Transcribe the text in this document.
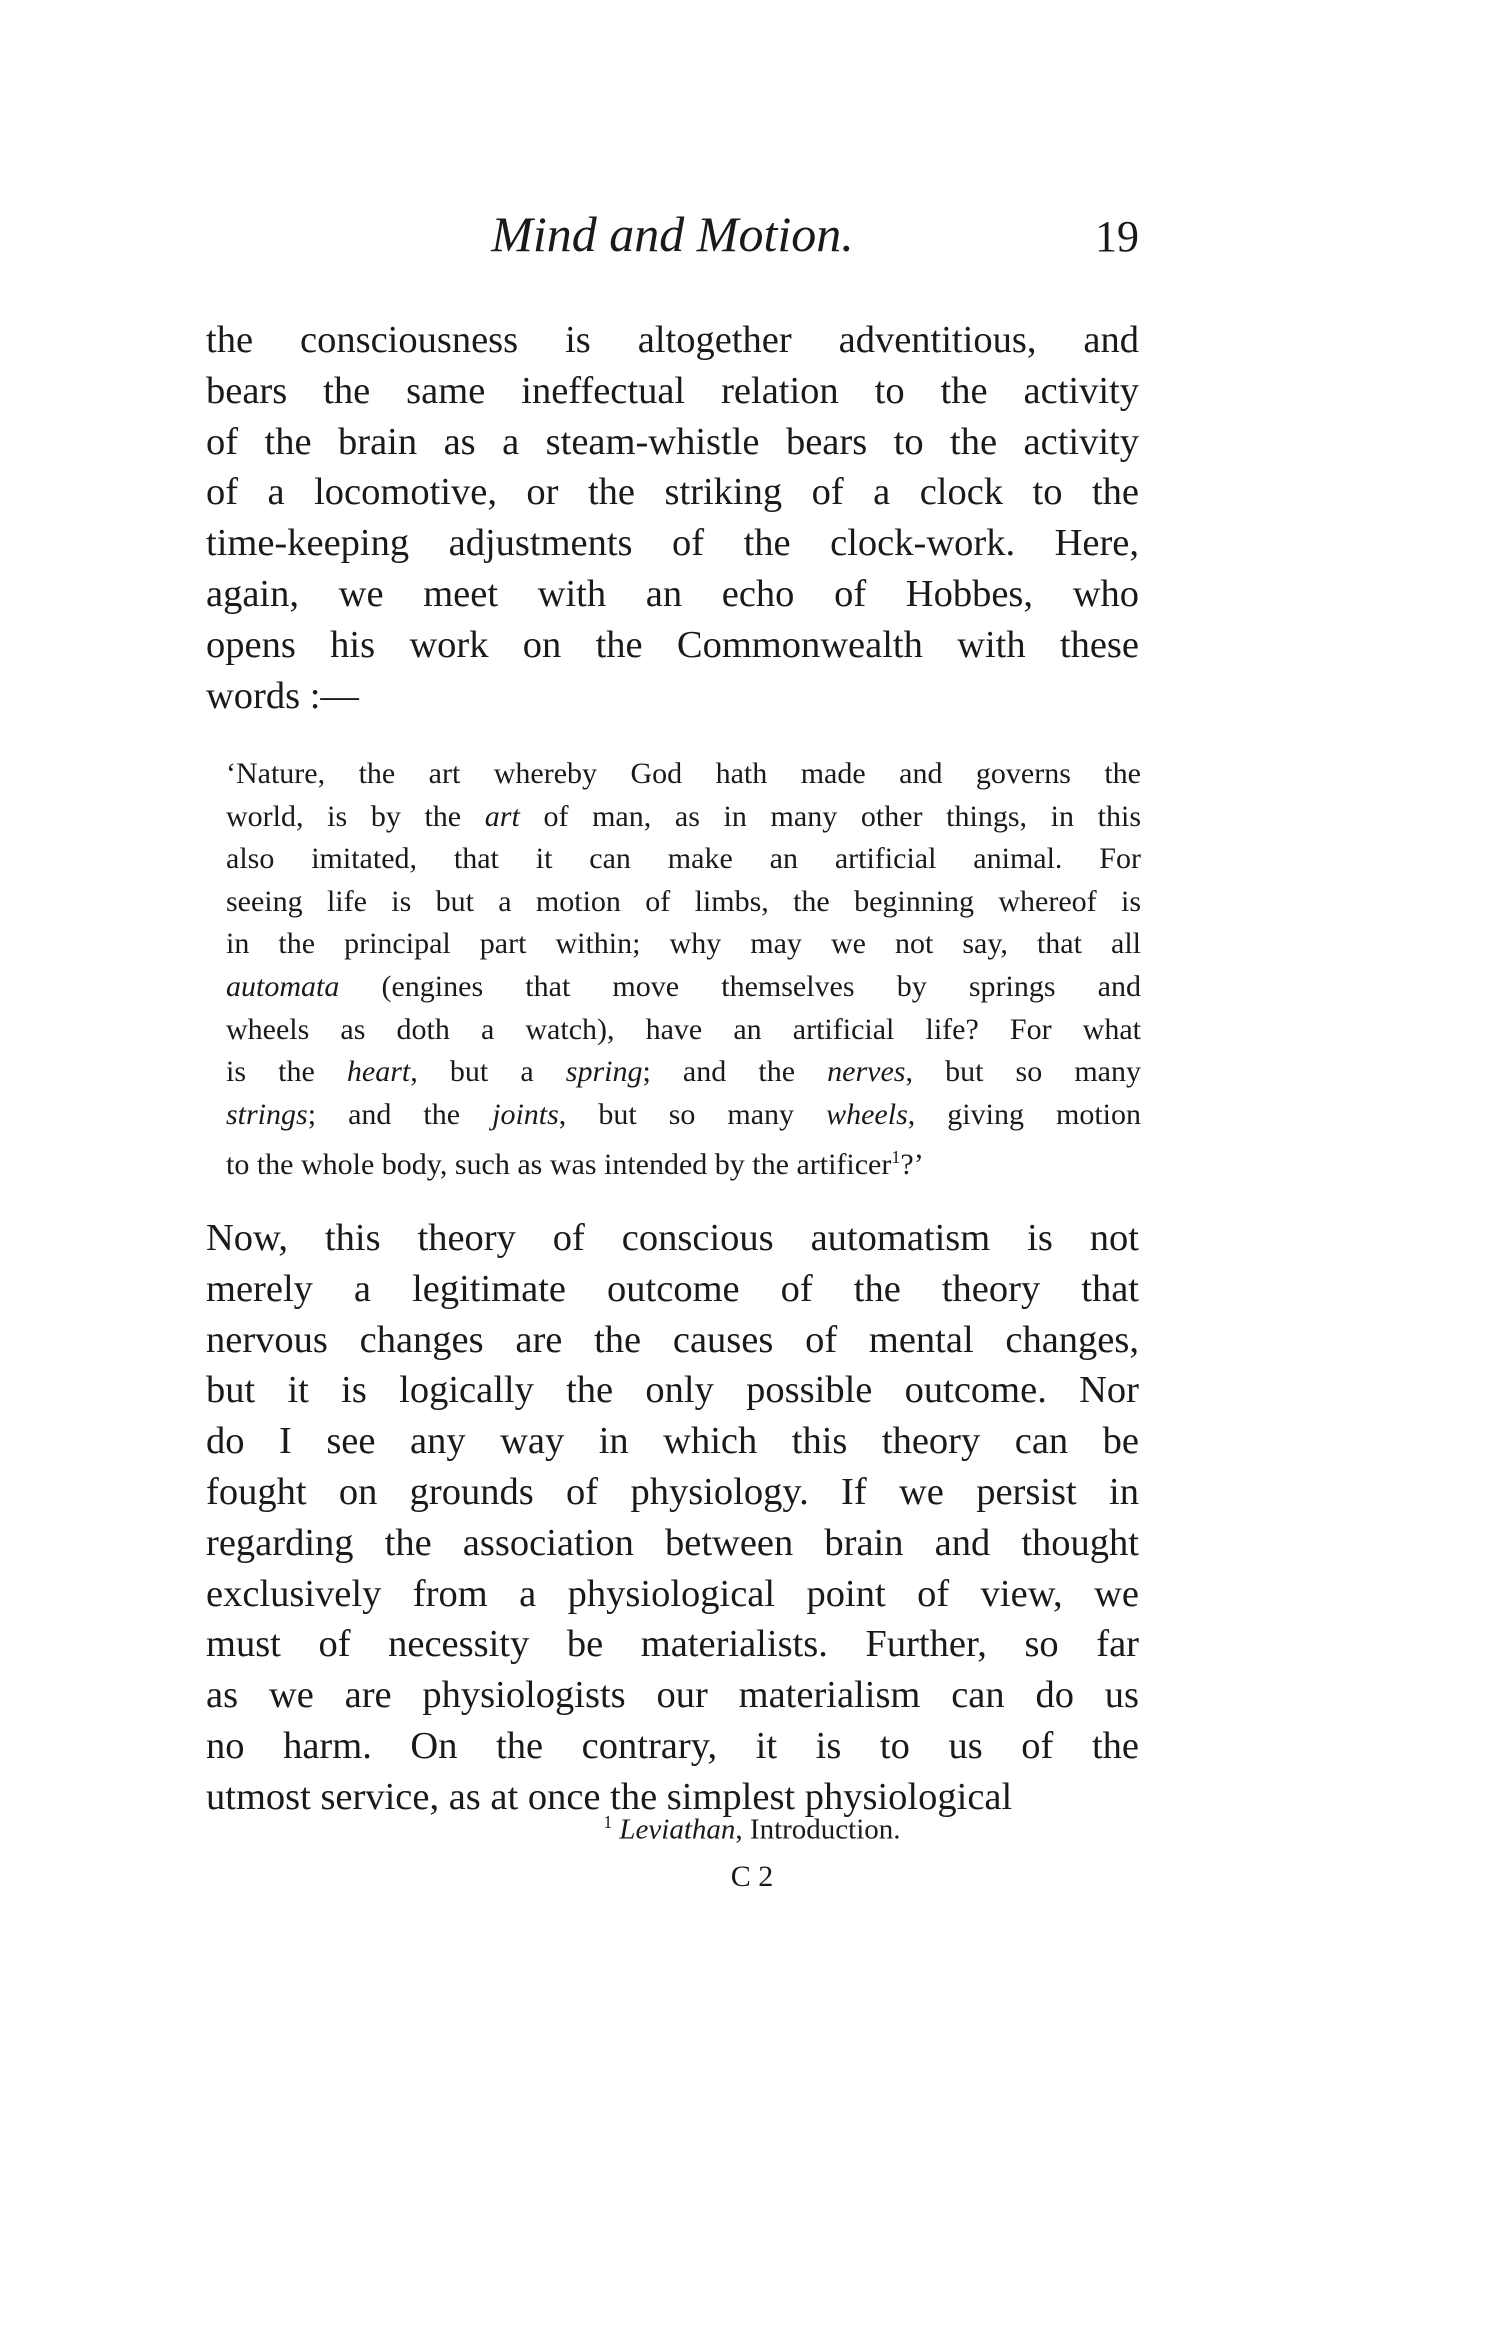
Mind and Motion.	19
the consciousness is altogether adventitious, and
bears the same ineffectual relation to the activity
of the brain as a steam-whistle bears to the activity
of a locomotive, or the striking of a clock to the
time-keeping adjustments of the clock-work. Here,
again, we meet with an echo of Hobbes, who
opens his work on the Commonwealth with these
words :—
‘Nature, the art whereby God hath made and governs the
world, is by the art of man, as in many other things, in this
also imitated, that it can make an artificial animal. For
seeing life is but a motion of limbs, the beginning whereof is
in the principal part within; why may we not say, that all
automata (engines that move themselves by springs and
wheels as doth a watch), have an artificial life? For what
is the heart, but a spring; and the nerves, but so many
strings; and the joints, but so many wheels, giving motion
to the whole body, such as was intended by the artificer$^1$?’
Now, this theory of conscious automatism is not
merely a legitimate outcome of the theory that
nervous changes are the causes of mental changes,
but it is logically the only possible outcome. Nor
do I see any way in which this theory can be
fought on grounds of physiology. If we persist in
regarding the association between brain and thought
exclusively from a physiological point of view, we
must of necessity be materialists. Further, so far
as we are physiologists our materialism can do us
no harm. On the contrary, it is to us of the
utmost service, as at once the simplest physiological
$^1$ Leviathan, Introduction.
C 2
